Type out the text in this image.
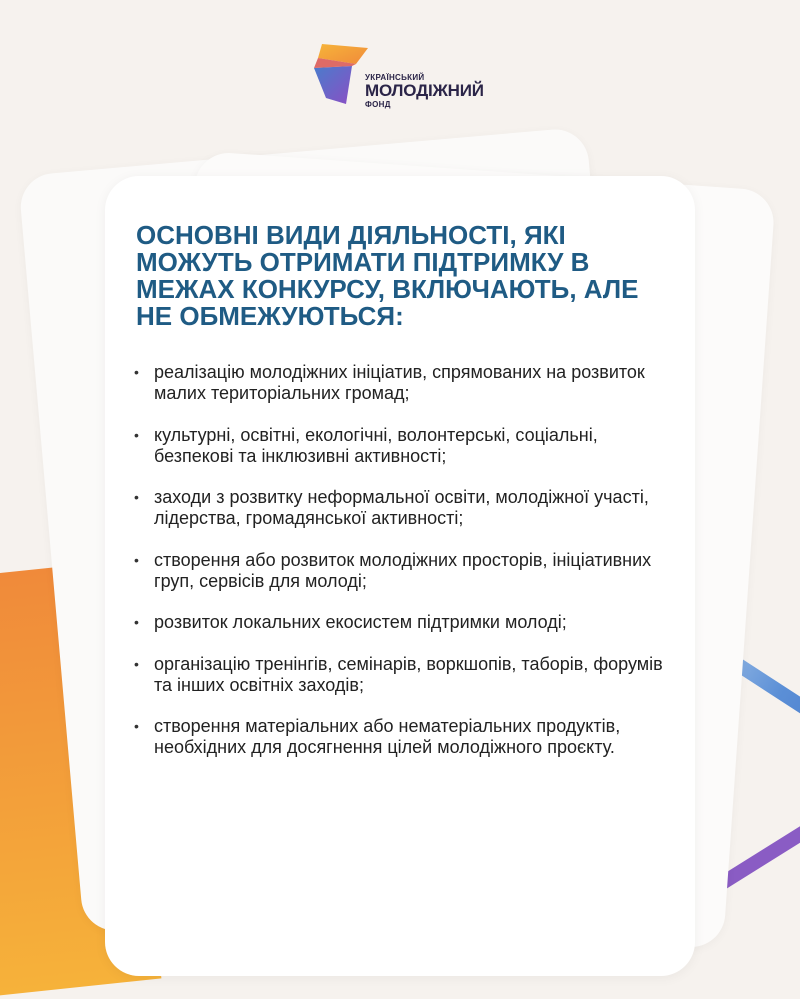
УКРАЇНСЬКИЙ
МОЛОДІЖНИЙ
ФОНД
ОСНОВНІ ВИДИ ДІЯЛЬНОСТІ, ЯКІ МОЖУТЬ ОТРИМАТИ ПІДТРИМКУ В МЕЖАХ КОНКУРСУ, ВКЛЮЧАЮТЬ, АЛЕ НЕ ОБМЕЖУЮТЬСЯ:
• реалізацію молодіжних ініціатив, спрямованих на розвиток малих територіальних громад;
• культурні, освітні, екологічні, волонтерські, соціальні, безпекові та інклюзивні активності;
• заходи з розвитку неформальної освіти, молодіжної участі, лідерства, громадянської активності;
• створення або розвиток молодіжних просторів, ініціативних груп, сервісів для молоді;
• розвиток локальних екосистем підтримки молоді;
• організацію тренінгів, семінарів, воркшопів, таборів, форумів та інших освітніх заходів;
• створення матеріальних або нематеріальних продуктів, необхідних для досягнення цілей молодіжного проєкту.
